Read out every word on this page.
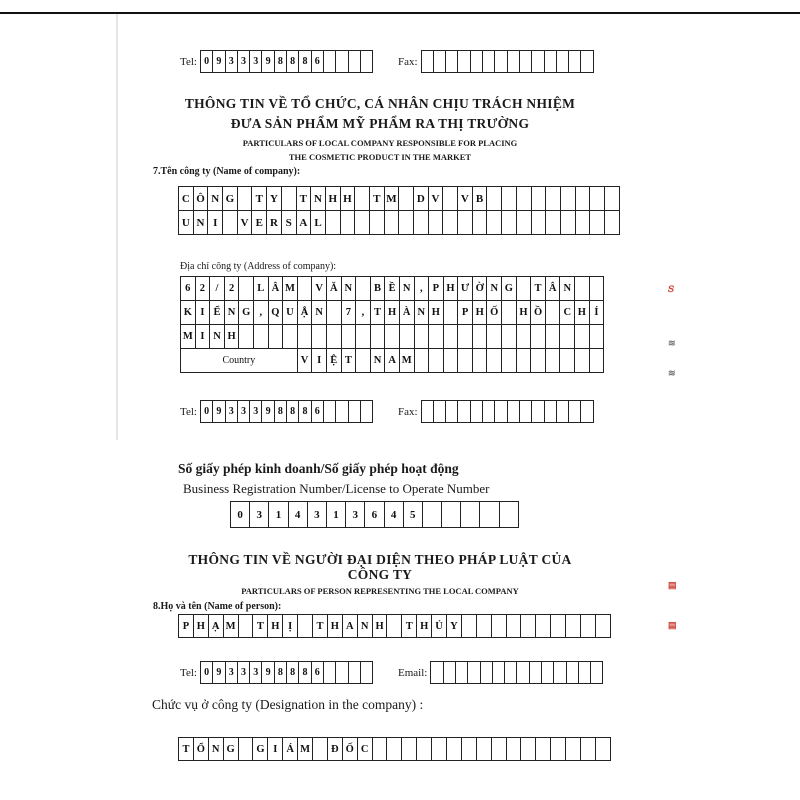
Tel: 0 9 3 3 3 9 8 8 8 6	Fax:
THÔNG TIN VỀ TỔ CHỨC, CÁ NHÂN CHỊU TRÁCH NHIỆM
ĐƯA SẢN PHẨM MỸ PHẨM RA THỊ TRƯỜNG
PARTICULARS OF LOCAL COMPANY RESPONSIBLE FOR PLACING
THE COSMETIC PRODUCT IN THE MARKET
7.Tên công ty (Name of company):
C Ô N G	T Y	T N H H	T M D V	V B
U N I	V E R S A L
Địa chỉ công ty (Address of company):
6 2	/	2	L Â M V Ă N	B Ề N , P H Ư Ờ N G	T Â N
K I Ể N G , Q U Ậ N	7	, T H À N H	P H Ố	H Ồ	C H Í
M I N H
Country	V I Ệ T	N A M
Tel: 0 9 3 3 3 9 8 8 8 6	Fax:
Số giấy phép kinh doanh/Số giấy phép hoạt động
Business Registration Number/License to Operate Number
0	3	1	4	3	1	3	6	4	5
THÔNG TIN VỀ NGƯỜI ĐẠI DIỆN THEO PHÁP LUẬT CỦA
CÔNG TY
PARTICULARS OF PERSON REPRESENTING THE LOCAL COMPANY
8.Họ và tên (Name of person):
P H Ạ M	T H Ị	T H A N H	T H Ủ Y
Tel: 0 9 3 3 3 9 8 8 8 6	Email:
Chức vụ ở công ty (Designation in the company) :
T Ổ N G	G I Á M Đ Ố C
𝑆
≋
≋
▤
▤
